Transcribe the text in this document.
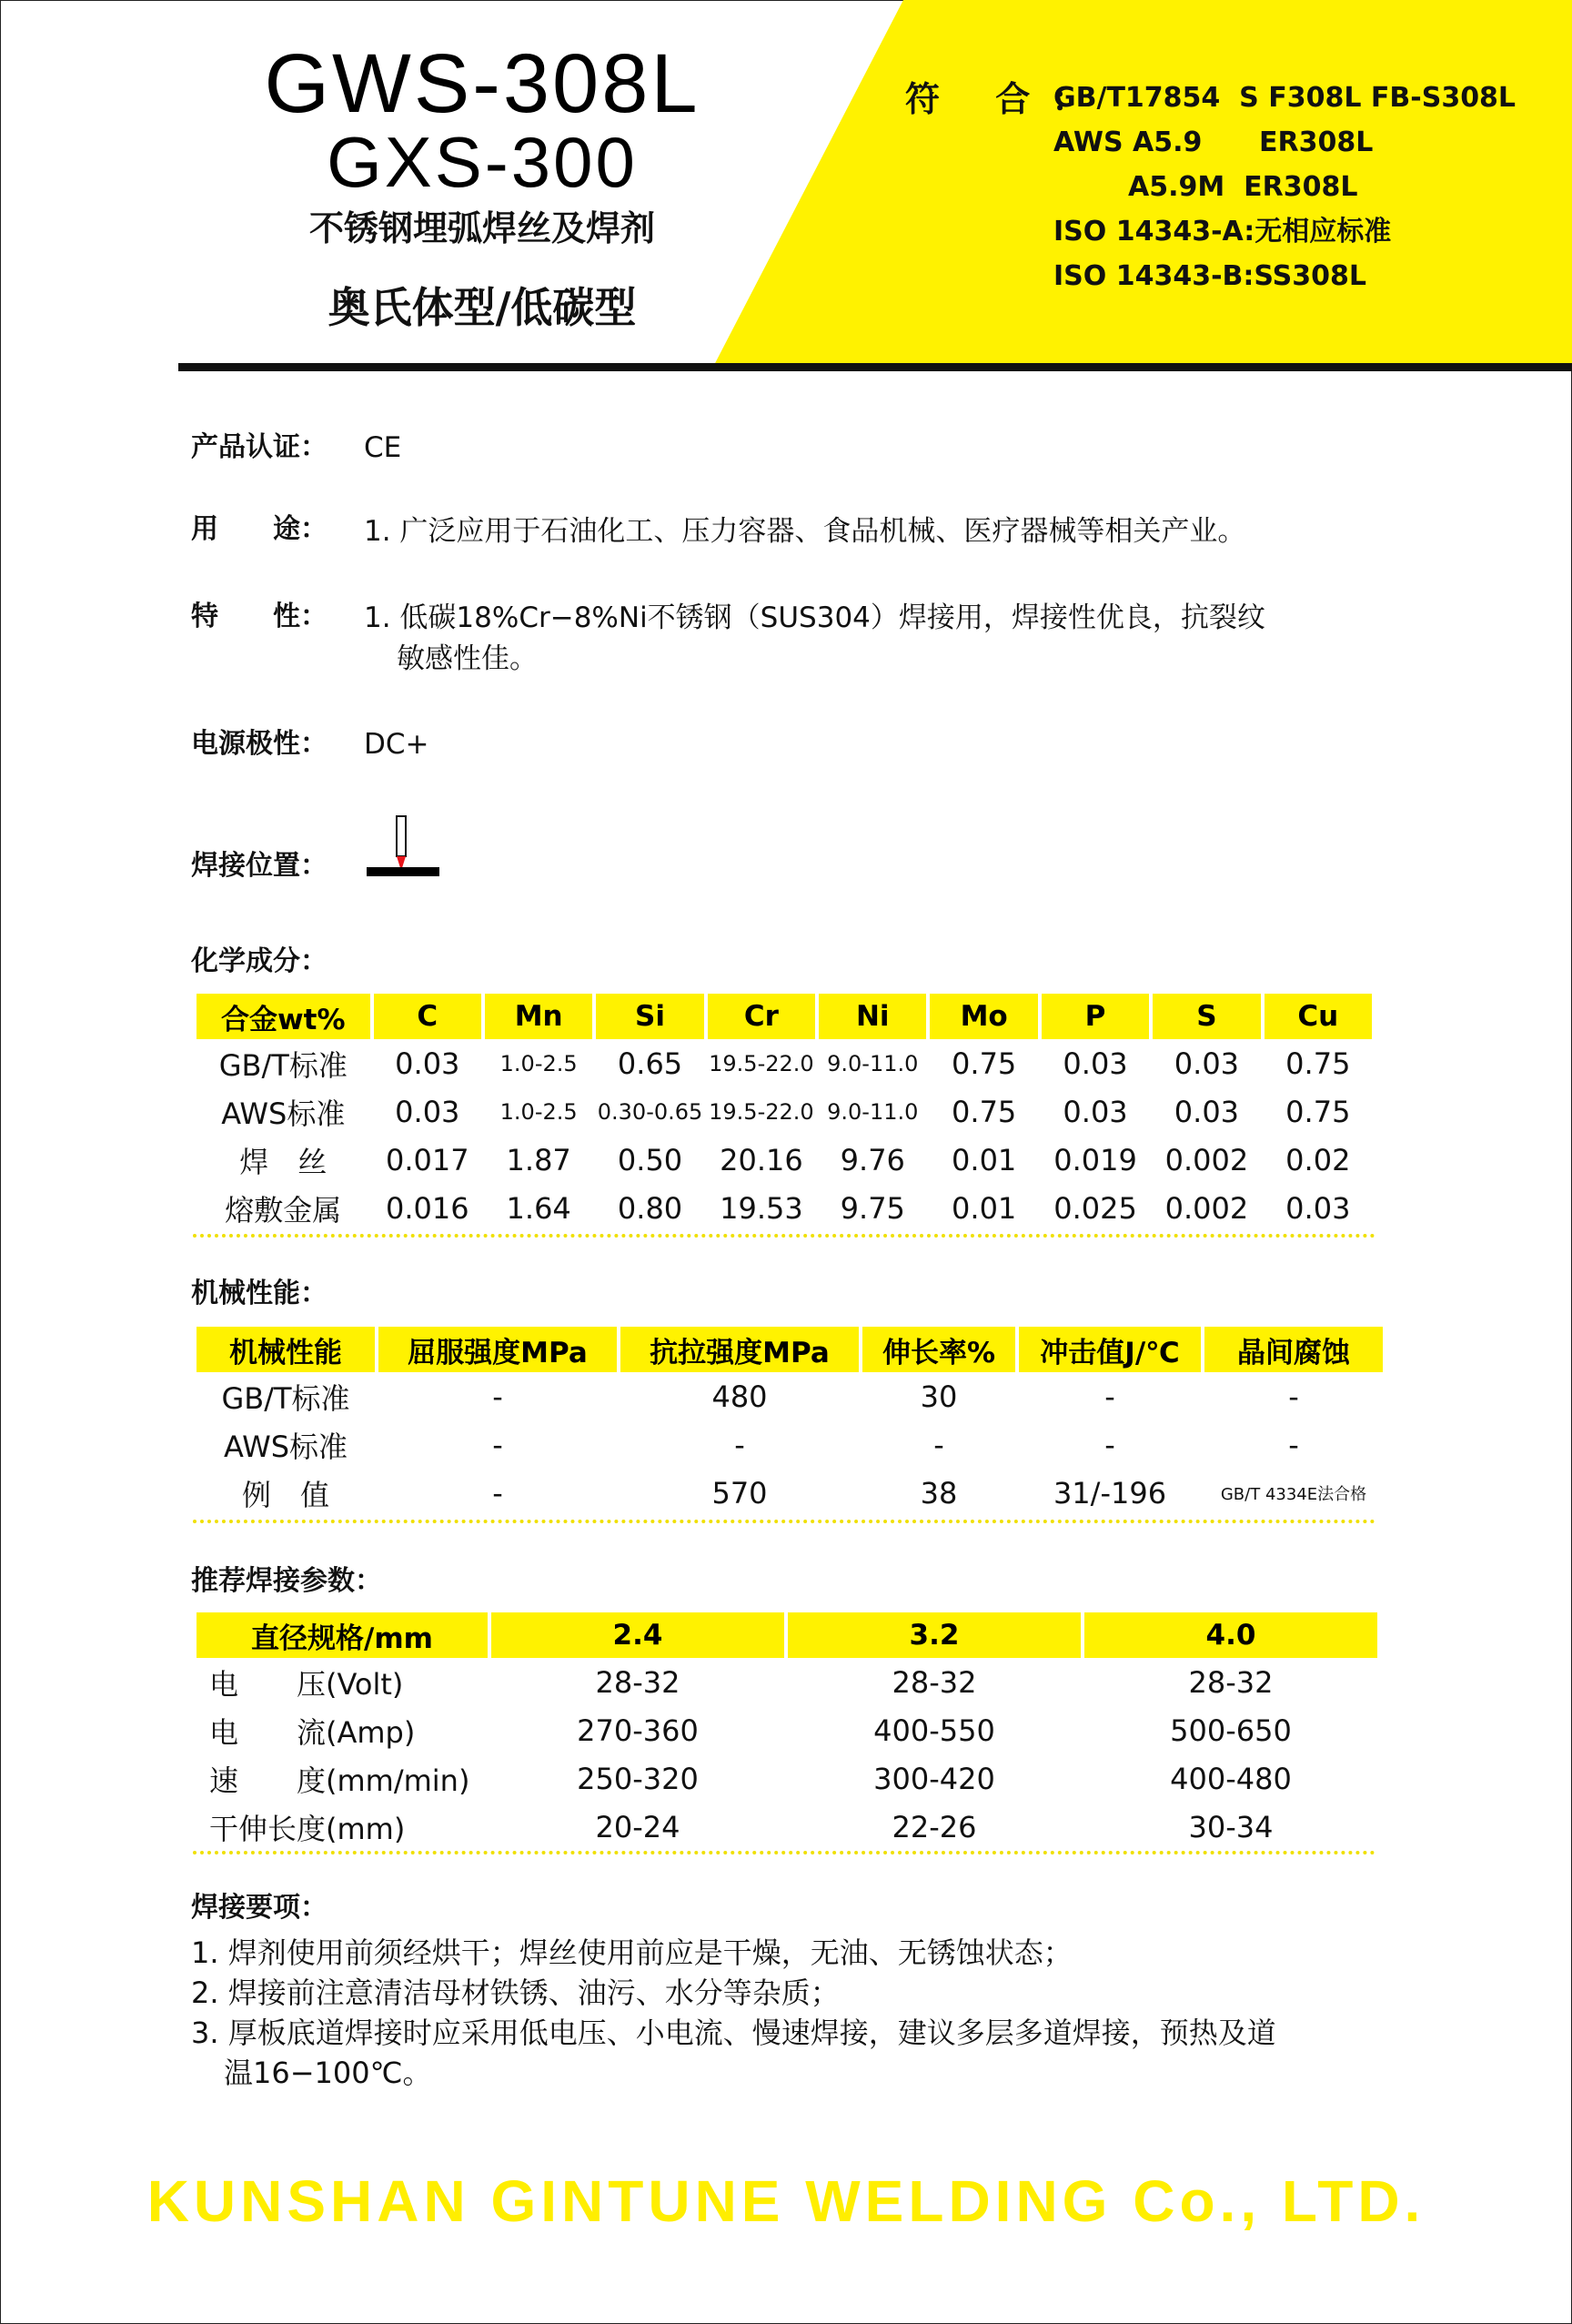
GWS-308L
GXS-300
不锈钢埋弧焊丝及焊剂
奥氏体型/低碳型
符 合：
GB/T17854  S F308L FB-S308L
AWS A5.9      ER308L
A5.9M  ER308L
ISO 14343-A:无相应标准
ISO 14343-B:SS308L
产品认证： CE
用　　途： 1. 广泛应用于石油化工、压力容器、食品机械、医疗器械等相关产业。
特　　性： 1. 低碳18%Cr−8%Ni不锈钢（SUS304）焊接用，焊接性优良，抗裂纹
敏感性佳。
电源极性： DC+
焊接位置：
化学成分：
合金wt%	C	Mn	Si	Cr	Ni	Mo	P	S	Cu
GB/T标准	0.03	1.0-2.5	0.65	19.5-22.0	9.0-11.0	0.75	0.03	0.03	0.75
AWS标准	0.03	1.0-2.5	0.30-0.65	19.5-22.0	9.0-11.0	0.75	0.03	0.03	0.75
焊　丝	0.017	1.87	0.50	20.16	9.76	0.01	0.019	0.002	0.02
熔敷金属	0.016	1.64	0.80	19.53	9.75	0.01	0.025	0.002	0.03
机械性能：
机械性能	屈服强度MPa	抗拉强度MPa	伸长率%	冲击值J/℃	晶间腐蚀
GB/T标准	-	480	30	-	-
AWS标准	-	-	-	-	-
例　值	-	570	38	31/-196	GB/T 4334E法合格
推荐焊接参数：
直径规格/mm	2.4	3.2	4.0
电　　压(Volt)	28-32	28-32	28-32
电　　流(Amp)	270-360	400-550	500-650
速　　度(mm/min)	250-320	300-420	400-480
干伸长度(mm)	20-24	22-26	30-34
焊接要项：
1. 焊剂使用前须经烘干；焊丝使用前应是干燥，无油、无锈蚀状态；
2. 焊接前注意清洁母材铁锈、油污、水分等杂质；
3. 厚板底道焊接时应采用低电压、小电流、慢速焊接，建议多层多道焊接，预热及道
温16−100℃。
KUNSHAN GINTUNE WELDING Co., LTD.
